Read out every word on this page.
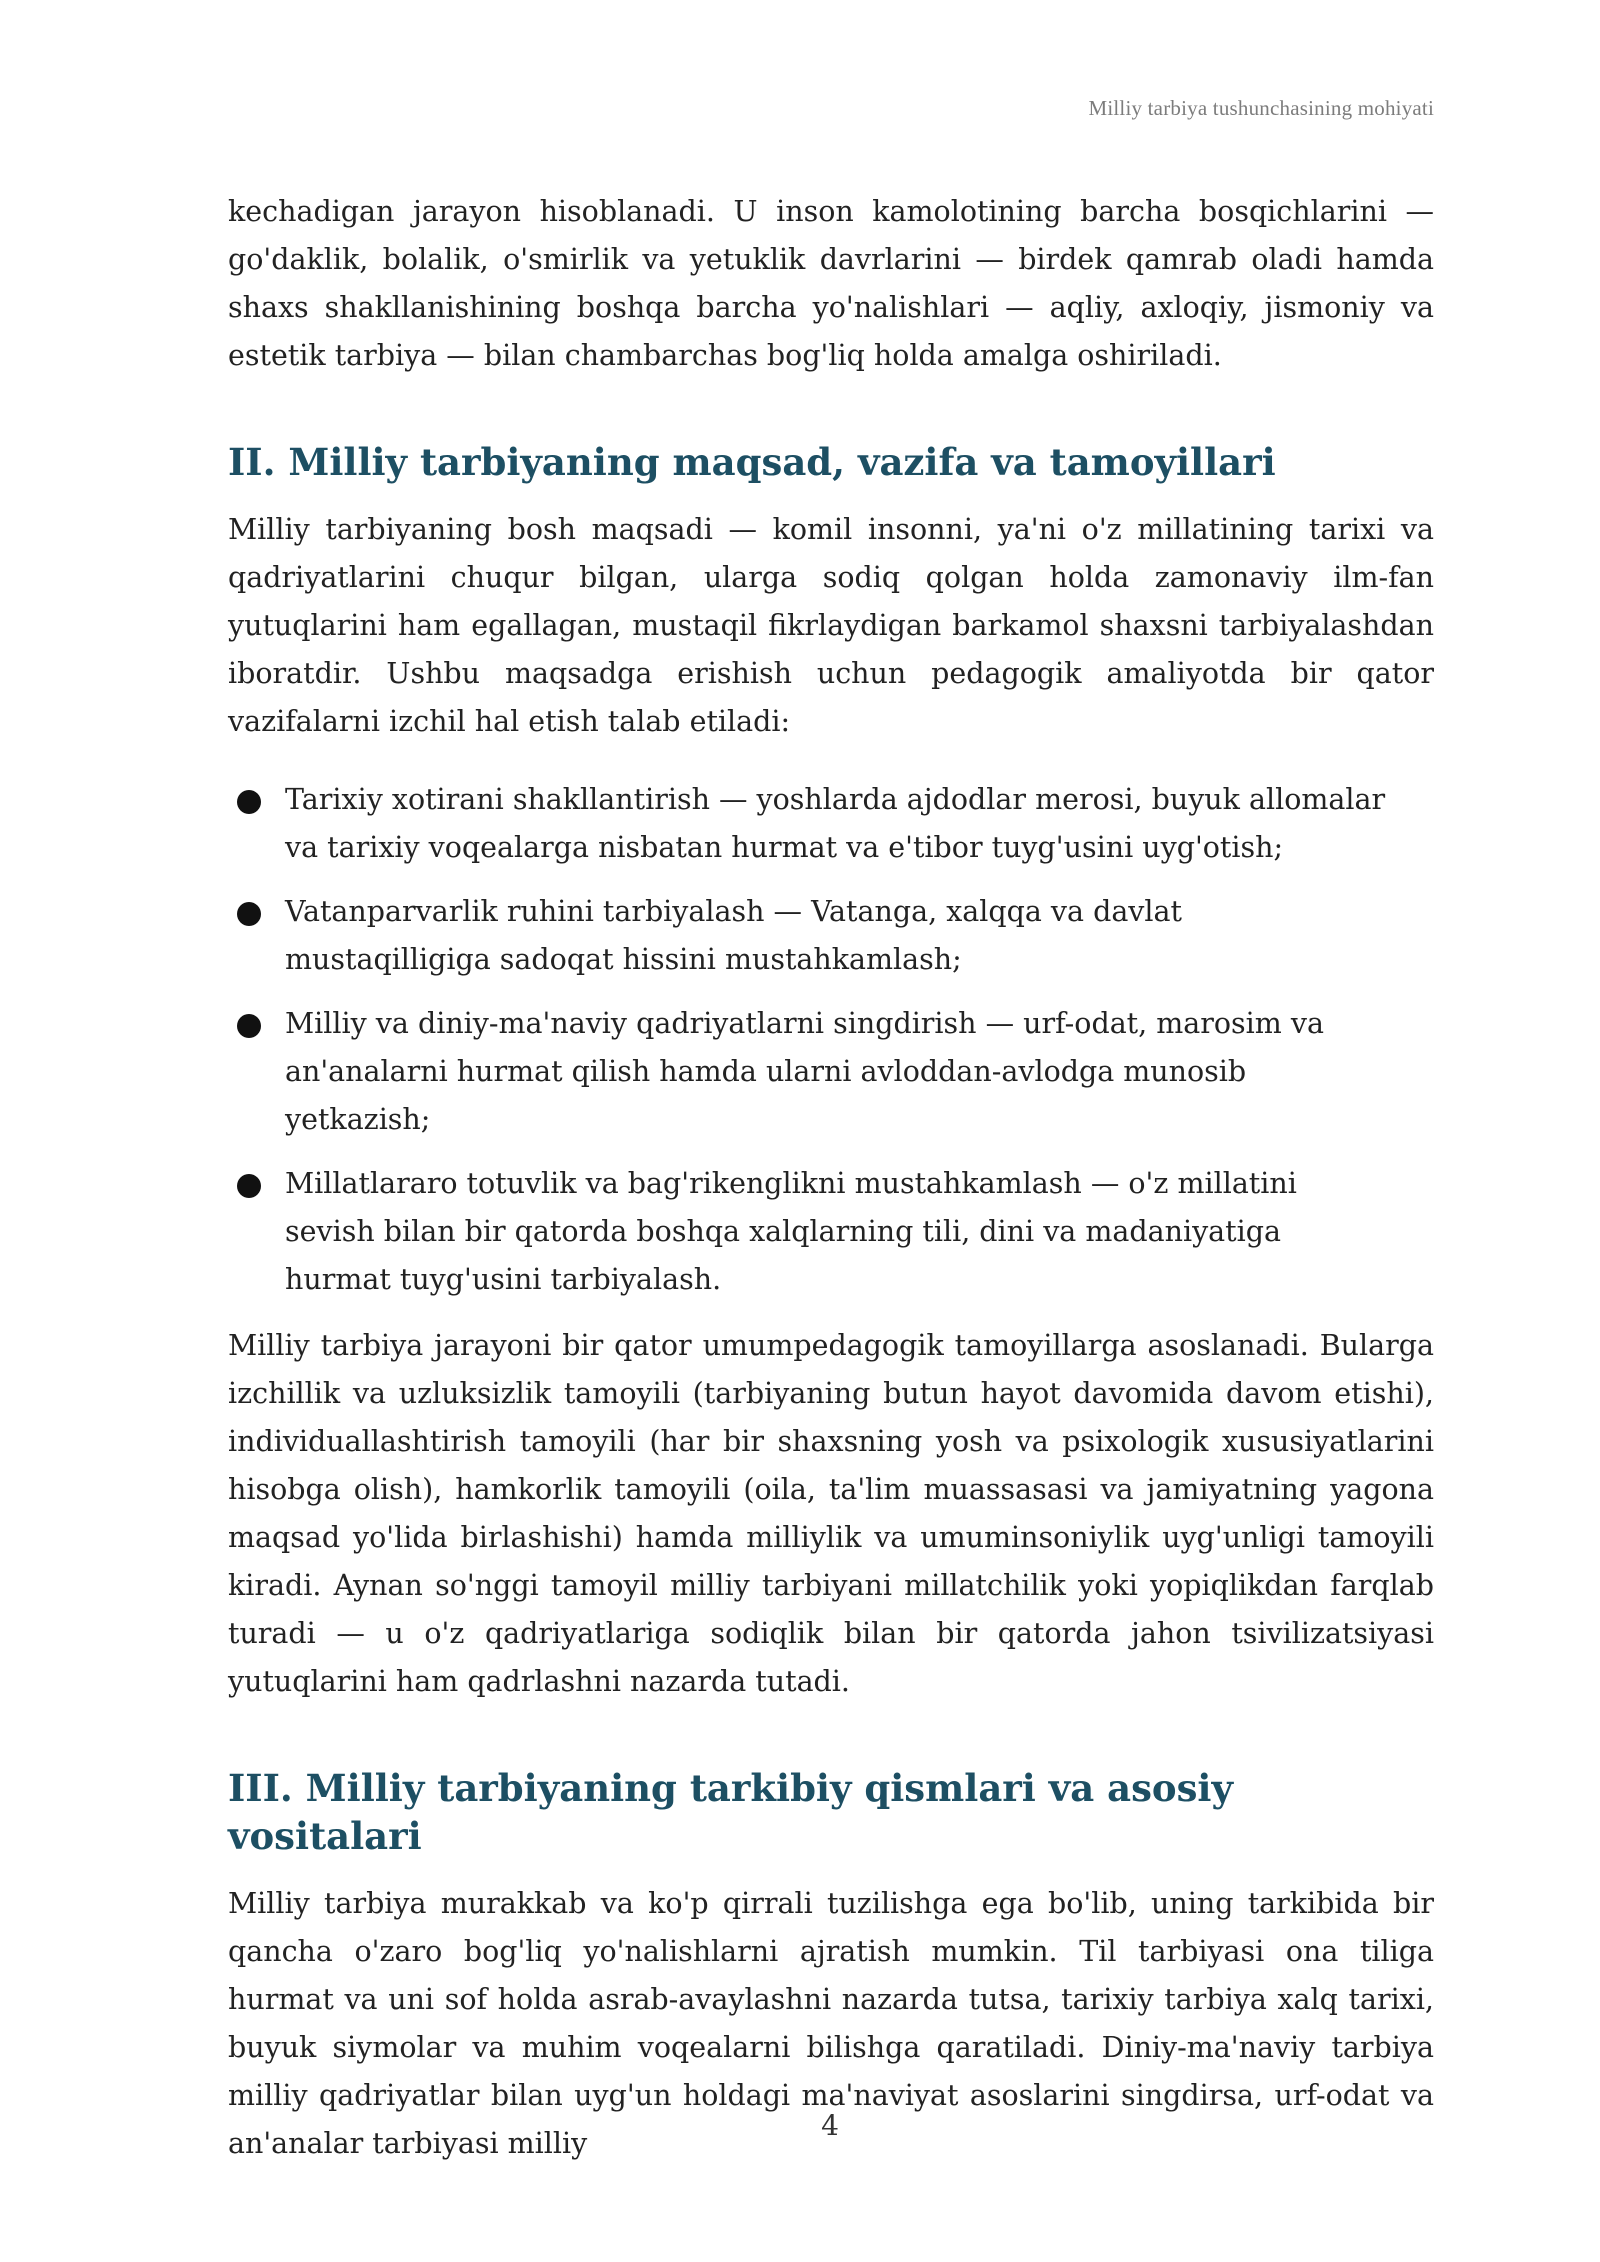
Milliy tarbiya tushunchasining mohiyati

kechadigan jarayon hisoblanadi. U inson kamolotining barcha bosqichlarini — go'daklik, bolalik, o'smirlik va yetuklik davrlarini — birdek qamrab oladi hamda shaxs shakllanishining boshqa barcha yo'nalishlari — aqliy, axloqiy, jismoniy va estetik tarbiya — bilan chambarchas bog'liq holda amalga oshiriladi.

II. Milliy tarbiyaning maqsad, vazifa va tamoyillari

Milliy tarbiyaning bosh maqsadi — komil insonni, ya'ni o'z millatining tarixi va qadriyatlarini chuqur bilgan, ularga sodiq qolgan holda zamonaviy ilm-fan yutuqlarini ham egallagan, mustaqil fikrlaydigan barkamol shaxsni tarbiyalashdan iboratdir. Ushbu maqsadga erishish uchun pedagogik amaliyotda bir qator vazifalarni izchil hal etish talab etiladi:

Tarixiy xotirani shakllantirish — yoshlarda ajdodlar merosi, buyuk allomalar va tarixiy voqealarga nisbatan hurmat va e'tibor tuyg'usini uyg'otish;
Vatanparvarlik ruhini tarbiyalash — Vatanga, xalqqa va davlat mustaqilligiga sadoqat hissini mustahkamlash;
Milliy va diniy-ma'naviy qadriyatlarni singdirish — urf-odat, marosim va an'analarni hurmat qilish hamda ularni avloddan-avlodga munosib yetkazish;
Millatlararo totuvlik va bag'rikenglikni mustahkamlash — o'z millatini sevish bilan bir qatorda boshqa xalqlarning tili, dini va madaniyatiga hurmat tuyg'usini tarbiyalash.

Milliy tarbiya jarayoni bir qator umumpedagogik tamoyillarga asoslanadi. Bularga izchillik va uzluksizlik tamoyili (tarbiyaning butun hayot davomida davom etishi), individuallashtirish tamoyili (har bir shaxsning yosh va psixologik xususiyatlarini hisobga olish), hamkorlik tamoyili (oila, ta'lim muassasasi va jamiyatning yagona maqsad yo'lida birlashishi) hamda milliylik va umuminsoniylik uyg'unligi tamoyili kiradi. Aynan so'nggi tamoyil milliy tarbiyani millatchilik yoki yopiqlikdan farqlab turadi — u o'z qadriyatlariga sodiqlik bilan bir qatorda jahon tsivilizatsiyasi yutuqlarini ham qadrlashni nazarda tutadi.

III. Milliy tarbiyaning tarkibiy qismlari va asosiy vositalari

Milliy tarbiya murakkab va ko'p qirrali tuzilishga ega bo'lib, uning tarkibida bir qancha o'zaro bog'liq yo'nalishlarni ajratish mumkin. Til tarbiyasi ona tiliga hurmat va uni sof holda asrab-avaylashni nazarda tutsa, tarixiy tarbiya xalq tarixi, buyuk siymolar va muhim voqealarni bilishga qaratiladi. Diniy-ma'naviy tarbiya milliy qadriyatlar bilan uyg'un holdagi ma'naviyat asoslarini singdirsa, urf-odat va an'analar tarbiyasi milliy

4
